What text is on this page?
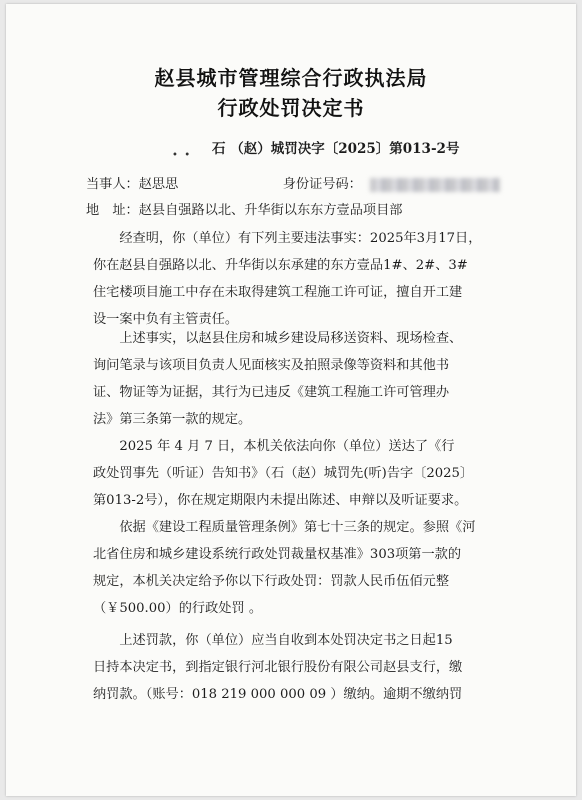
赵县城市管理综合行政执法局
行政处罚决定书
石 （赵）城罚决字〔2025〕第013-2号
•  •
当事人：赵思思	身份证号码：
地　址：赵县自强路以北、升华街以东东方壹品项目部
　　经查明，你（单位）有下列主要违法事实：2025年3月17日，
你在赵县自强路以北、升华街以东承建的东方壹品1#、2#、3#
住宅楼项目施工中存在未取得建筑工程施工许可证，擅自开工建
设一案中负有主管责任。
　　上述事实，以赵县住房和城乡建设局移送资料、现场检查、
询问笔录与该项目负责人见面核实及拍照录像等资料和其他书
证、物证等为证据，其行为已违反《建筑工程施工许可管理办
法》第三条第一款的规定。
　　2025 年 4 月 7 日，本机关依法向你（单位）送达了《行
政处罚事先（听证）告知书》（石（赵）城罚先(听)告字〔2025〕
第013-2号），你在规定期限内未提出陈述、申辩以及听证要求。
　　依据《建设工程质量管理条例》第七十三条的规定。参照《河
北省住房和城乡建设系统行政处罚裁量权基准》303项第一款的
规定，本机关决定给予你以下行政处罚：罚款人民币伍佰元整
（￥500.00）的行政处罚 。
　　上述罚款，你（单位）应当自收到本处罚决定书之日起15
日持本决定书，到指定银行河北银行股份有限公司赵县支行，缴
纳罚款。（账号：018 219 000 000 09 ）缴纳。逾期不缴纳罚
